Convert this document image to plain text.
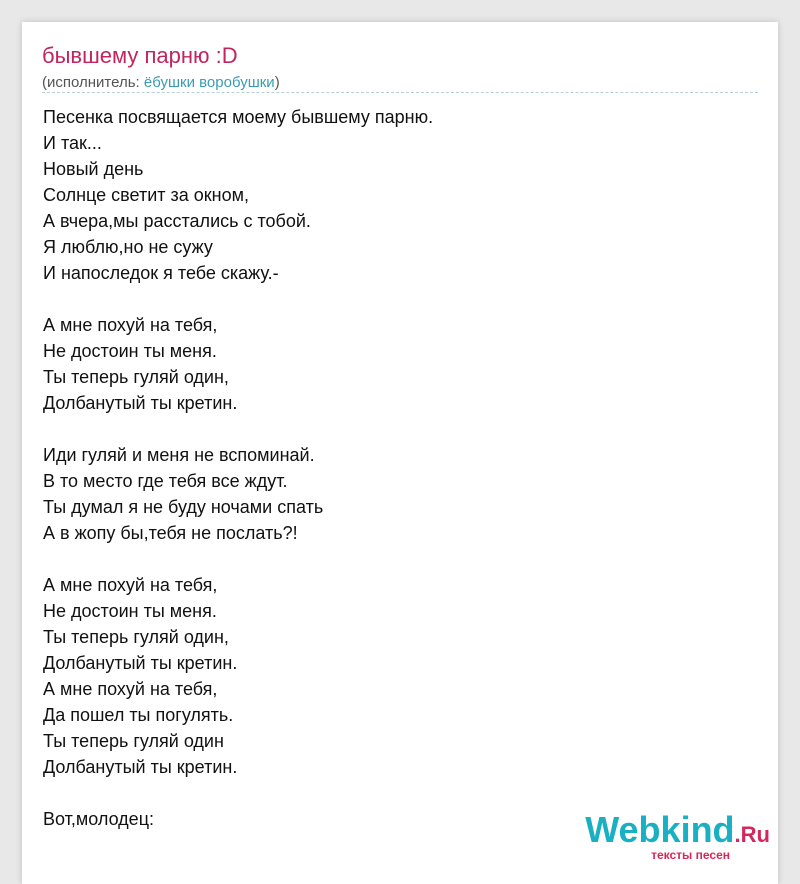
бывшему парню :D
(исполнитель: ёбушки воробушки)
Песенка посвящается моему бывшему парню.
И так...
Новый день
Солнце светит за окном,
А вчера,мы расстались с тобой.
Я люблю,но не сужу
И напоследок я тебе скажу.-
А мне похуй на тебя,
Не достоин ты меня.
Ты теперь гуляй один,
Долбанутый ты кретин.
Иди гуляй и меня не вспоминай.
В то место где тебя все ждут.
Ты думал я не буду ночами спать
А в жопу бы,тебя не послать?!
А мне похуй на тебя,
Не достоин ты меня.
Ты теперь гуляй один,
Долбанутый ты кретин.
А мне похуй на тебя,
Да пошел ты погулять.
Ты теперь гуляй один
Долбанутый ты кретин.
Вот,молодец:	Webkind.Ru
тексты песен
